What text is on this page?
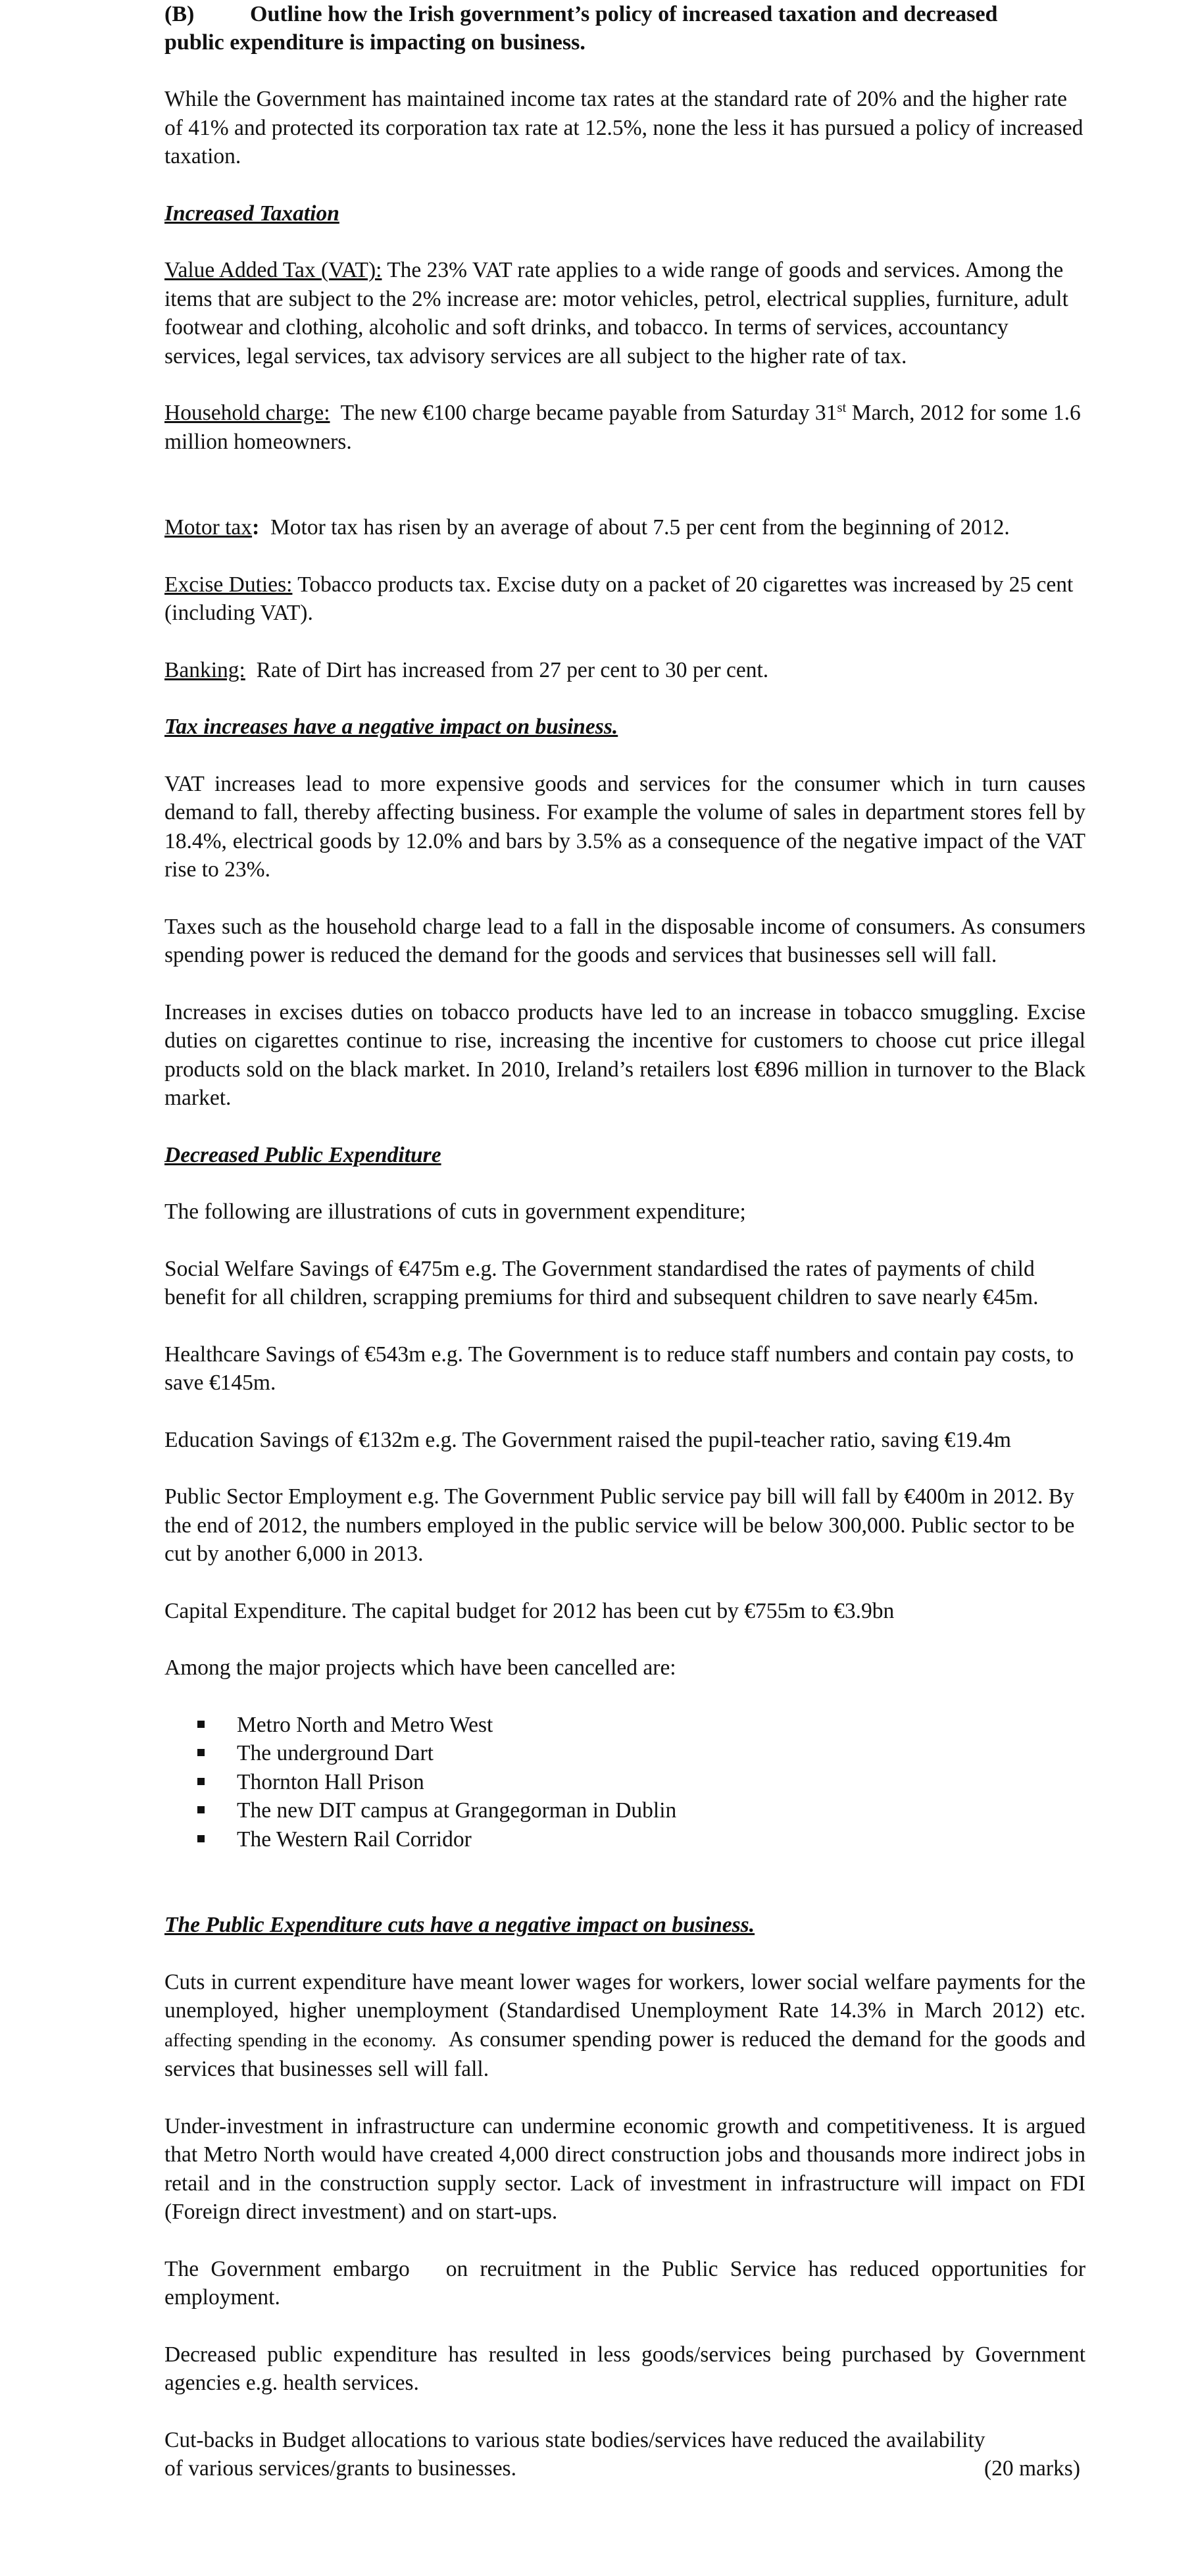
(B)	Outline how the Irish government’s policy of increased taxation and decreased
public expenditure is impacting on business.

While the Government has maintained income tax rates at the standard rate of 20% and the higher rate of 41% and protected its corporation tax rate at 12.5%, none the less it has pursued a policy of increased taxation.

Increased Taxation

Value Added Tax (VAT): The 23% VAT rate applies to a wide range of goods and services. Among the items that are subject to the 2% increase are: motor vehicles, petrol, electrical supplies, furniture, adult footwear and clothing, alcoholic and soft drinks, and tobacco. In terms of services, accountancy services, legal services, tax advisory services are all subject to the higher rate of tax.

Household charge:  The new €100 charge became payable from Saturday 31st March, 2012 for some 1.6 million homeowners.

Motor tax:  Motor tax has risen by an average of about 7.5 per cent from the beginning of 2012.

Excise Duties: Tobacco products tax. Excise duty on a packet of 20 cigarettes was increased by 25 cent (including VAT).

Banking:  Rate of Dirt has increased from 27 per cent to 30 per cent.

Tax increases have a negative impact on business.

VAT increases lead to more expensive goods and services for the consumer which in turn causes demand to fall, thereby affecting business. For example the volume of sales in department stores fell by 18.4%, electrical goods by 12.0% and bars by 3.5% as a consequence of the negative impact of the VAT rise to 23%.

Taxes such as the household charge lead to a fall in the disposable income of consumers. As consumers spending power is reduced the demand for the goods and services that businesses sell will fall.

Increases in excises duties on tobacco products have led to an increase in tobacco smuggling. Excise duties on cigarettes continue to rise, increasing the incentive for customers to choose cut price illegal products sold on the black market. In 2010, Ireland’s retailers lost €896 million in turnover to the Black market.

Decreased Public Expenditure

The following are illustrations of cuts in government expenditure;

Social Welfare Savings of €475m e.g. The Government standardised the rates of payments of child benefit for all children, scrapping premiums for third and subsequent children to save nearly €45m.

Healthcare Savings of €543m e.g. The Government is to reduce staff numbers and contain pay costs, to save €145m.

Education Savings of €132m e.g. The Government raised the pupil-teacher ratio, saving €19.4m

Public Sector Employment e.g. The Government Public service pay bill will fall by €400m in 2012. By the end of 2012, the numbers employed in the public service will be below 300,000. Public sector to be cut by another 6,000 in 2013.

Capital Expenditure. The capital budget for 2012 has been cut by €755m to €3.9bn

Among the major projects which have been cancelled are:

Metro North and Metro West
The underground Dart
Thornton Hall Prison
The new DIT campus at Grangegorman in Dublin
The Western Rail Corridor

The Public Expenditure cuts have a negative impact on business.

Cuts in current expenditure have meant lower wages for workers, lower social welfare payments for the unemployed, higher unemployment (Standardised Unemployment Rate 14.3% in March 2012) etc. affecting spending in the economy.  As consumer spending power is reduced the demand for the goods and services that businesses sell will fall.

Under-investment in infrastructure can undermine economic growth and competitiveness. It is argued that Metro North would have created 4,000 direct construction jobs and thousands more indirect jobs in retail and in the construction supply sector. Lack of investment in infrastructure will impact on FDI (Foreign direct investment) and on start-ups.

The Government embargo   on recruitment in the Public Service has reduced opportunities for employment.

Decreased public expenditure has resulted in less goods/services being purchased by Government agencies e.g. health services.

Cut-backs in Budget allocations to various state bodies/services have reduced the availability
of various services/grants to businesses.	(20 marks)
